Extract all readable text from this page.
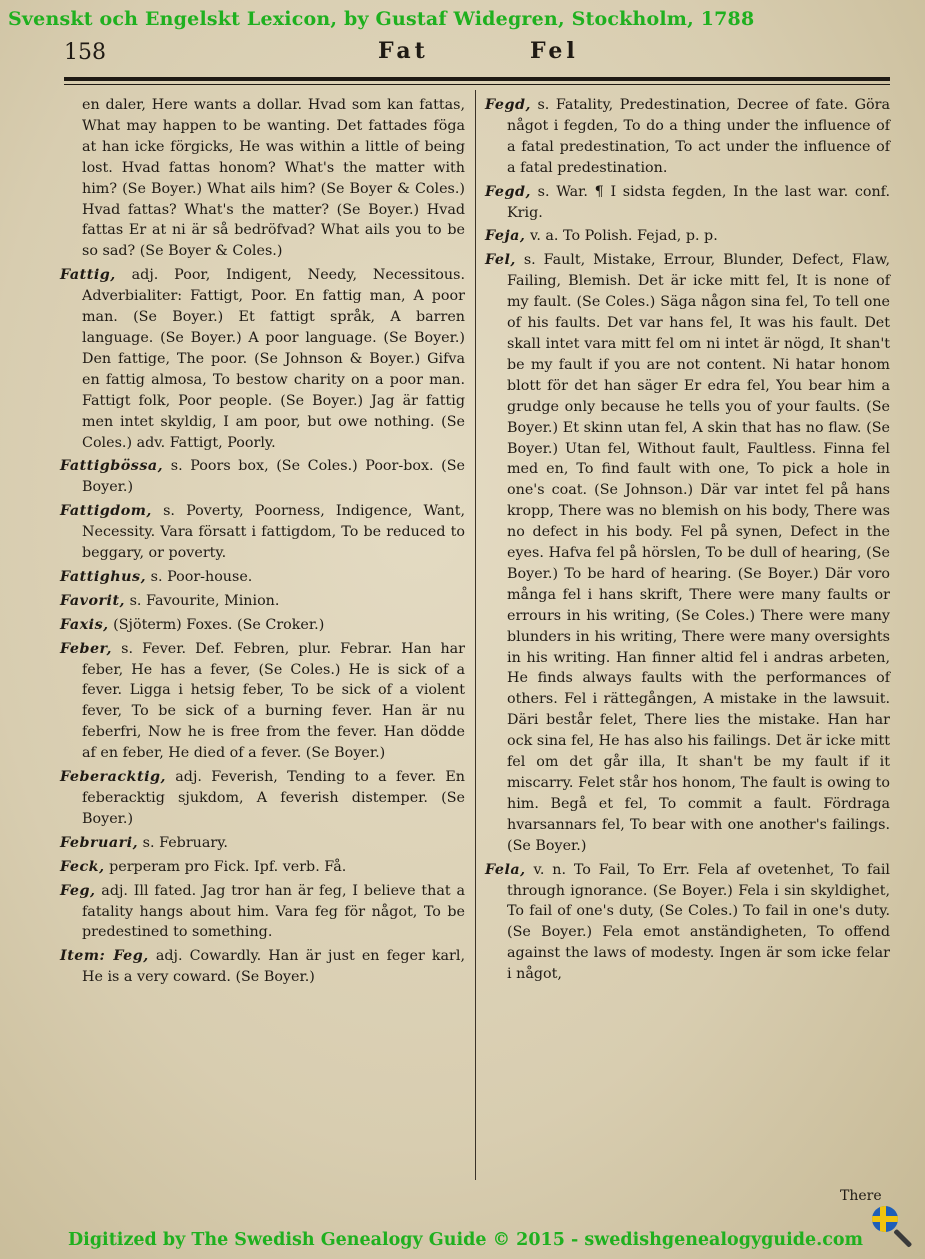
Svenskt och Engelskt Lexicon, by Gustaf Widegren, Stockholm, 1788
158	Fat	Fel
en daler, Here wants a dollar. Hvad som kan fattas, What may happen to be wanting. Det fattades föga at han icke förgicks, He was within a little of being lost. Hvad fattas honom? What's the matter with him? (Se Boyer.) What ails him? (Se Boyer & Coles.) Hvad fattas? What's the matter? (Se Boyer.) Hvad fattas Er at ni är så bedröfvad? What ails you to be so sad? (Se Boyer & Coles.)
Fattig, adj. Poor, Indigent, Needy, Necessitous. Adverbialiter: Fattigt, Poor. En fattig man, A poor man. (Se Boyer.) Et fattigt språk, A barren language. (Se Boyer.) A poor language. (Se Boyer.) Den fattige, The poor. (Se Johnson & Boyer.) Gifva en fattig almosa, To bestow charity on a poor man. Fattigt folk, Poor people. (Se Boyer.) Jag är fattig men intet skyldig, I am poor, but owe nothing. (Se Coles.) adv. Fattigt, Poorly.
Fattigbössa, s. Poors box, (Se Coles.) Poor-box. (Se Boyer.)
Fattigdom, s. Poverty, Poorness, Indigence, Want, Necessity. Vara försatt i fattigdom, To be reduced to beggary, or poverty.
Fattighus, s. Poor-house.
Favorit, s. Favourite, Minion.
Faxis, (Sjöterm) Foxes. (Se Croker.)
Feber, s. Fever. Def. Febren, plur. Febrar. Han har feber, He has a fever, (Se Coles.) He is sick of a fever. Ligga i hetsig feber, To be sick of a violent fever, To be sick of a burning fever. Han är nu feberfri, Now he is free from the fever. Han dödde af en feber, He died of a fever. (Se Boyer.)
Feberacktig, adj. Feverish, Tending to a fever. En feberacktig sjukdom, A feverish distemper. (Se Boyer.)
Februari, s. February.
Feck, perperam pro Fick. Ipf. verb. Få.
Feg, adj. Ill fated. Jag tror han är feg, I believe that a fatality hangs about him. Vara feg för något, To be predestined to something.
Item: Feg, adj. Cowardly. Han är just en feger karl, He is a very coward. (Se Boyer.)
Fegd, s. Fatality, Predestination, Decree of fate. Göra något i fegden, To do a thing under the influence of a fatal predestination, To act under the influence of a fatal predestination.
Fegd, s. War. ¶ I sidsta fegden, In the last war. conf. Krig.
Feja, v. a. To Polish. Fejad, p. p.
Fel, s. Fault, Mistake, Errour, Blunder, Defect, Flaw, Failing, Blemish. Det är icke mitt fel, It is none of my fault. (Se Coles.) Säga någon sina fel, To tell one of his faults. Det var hans fel, It was his fault. Det skall intet vara mitt fel om ni intet är nögd, It shan't be my fault if you are not content. Ni hatar honom blott för det han säger Er edra fel, You bear him a grudge only because he tells you of your faults. (Se Boyer.) Et skinn utan fel, A skin that has no flaw. (Se Boyer.) Utan fel, Without fault, Faultless. Finna fel med en, To find fault with one, To pick a hole in one's coat. (Se Johnson.) Där var intet fel på hans kropp, There was no blemish on his body, There was no defect in his body. Fel på synen, Defect in the eyes. Hafva fel på hörslen, To be dull of hearing, (Se Boyer.) To be hard of hearing. (Se Boyer.) Där voro många fel i hans skrift, There were many faults or errours in his writing, (Se Coles.) There were many blunders in his writing, There were many oversights in his writing. Han finner altid fel i andras arbeten, He finds always faults with the performances of others. Fel i rättegången, A mistake in the lawsuit. Däri består felet, There lies the mistake. Han har ock sina fel, He has also his failings. Det är icke mitt fel om det går illa, It shan't be my fault if it miscarry. Felet står hos honom, The fault is owing to him. Begå et fel, To commit a fault. Fördraga hvarsannars fel, To bear with one another's failings. (Se Boyer.)
Fela, v. n. To Fail, To Err. Fela af ovetenhet, To fail through ignorance. (Se Boyer.) Fela i sin skyldighet, To fail of one's duty, (Se Coles.) To fail in one's duty. (Se Boyer.) Fela emot anständigheten, To offend against the laws of modesty. Ingen är som icke felar i något,
There
Digitized by The Swedish Genealogy Guide © 2015 - swedishgenealogyguide.com
